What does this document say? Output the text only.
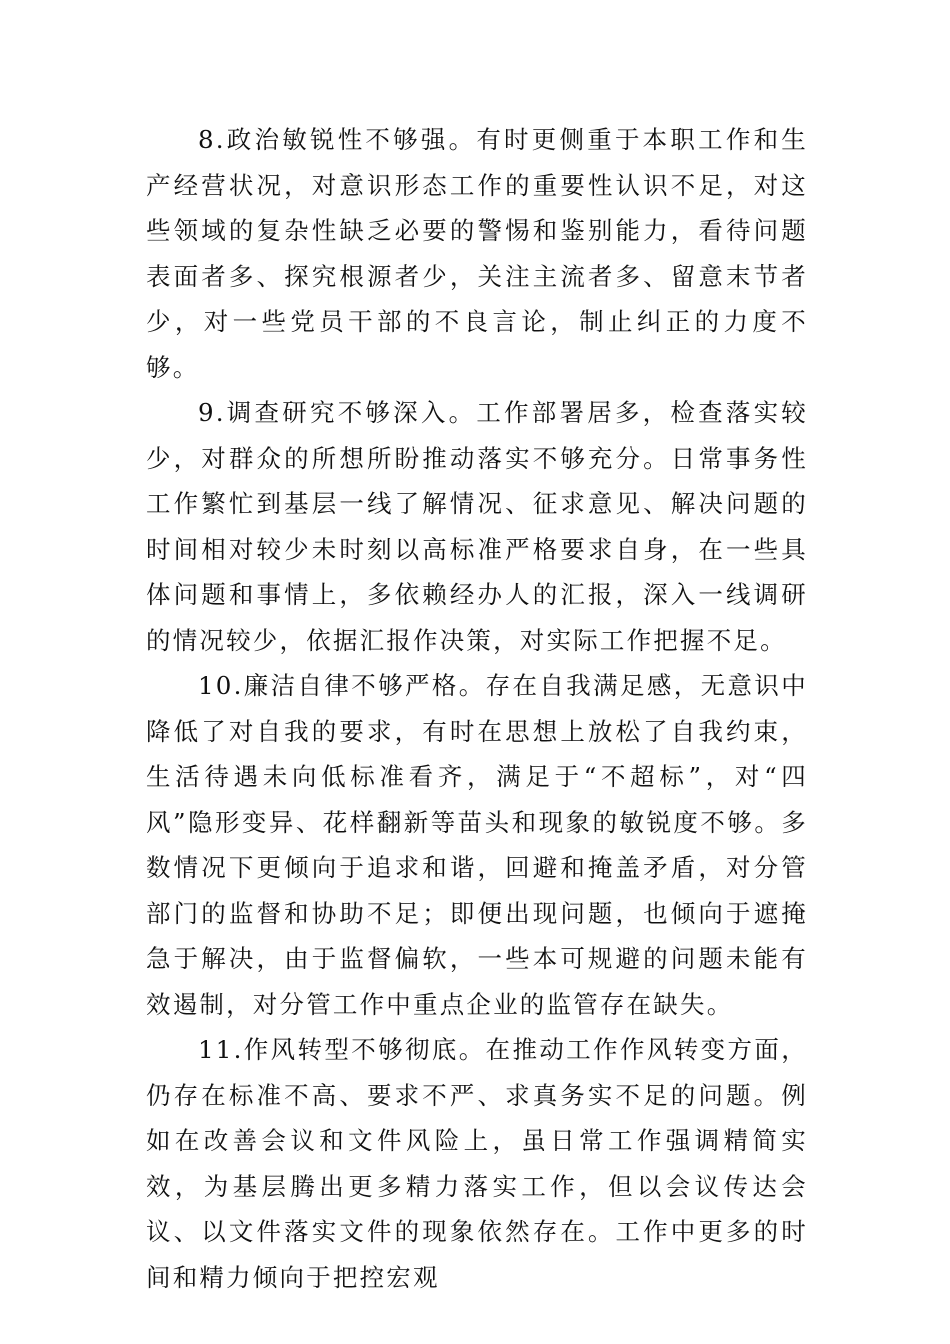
8.政治敏锐性不够强。有时更侧重于本职工作和生产经营状况，对意识形态工作的重要性认识不足，对这些领域的复杂性缺乏必要的警惕和鉴别能力，看待问题表面者多、探究根源者少，关注主流者多、留意末节者少，对一些党员干部的不良言论，制止纠正的力度不够。

9.调查研究不够深入。工作部署居多，检查落实较少，对群众的所想所盼推动落实不够充分。日常事务性工作繁忙到基层一线了解情况、征求意见、解决问题的时间相对较少未时刻以高标准严格要求自身，在一些具体问题和事情上，多依赖经办人的汇报，深入一线调研的情况较少，依据汇报作决策，对实际工作把握不足。

10.廉洁自律不够严格。存在自我满足感，无意识中降低了对自我的要求，有时在思想上放松了自我约束，生活待遇未向低标准看齐，满足于“不超标”，对“四风”隐形变异、花样翻新等苗头和现象的敏锐度不够。多数情况下更倾向于追求和谐，回避和掩盖矛盾，对分管部门的监督和协助不足；即便出现问题，也倾向于遮掩急于解决，由于监督偏软，一些本可规避的问题未能有效遏制，对分管工作中重点企业的监管存在缺失。

11.作风转型不够彻底。在推动工作作风转变方面，仍存在标准不高、要求不严、求真务实不足的问题。例如在改善会议和文件风险上，虽日常工作强调精简实效，为基层腾出更多精力落实工作，但以会议传达会议、以文件落实文件的现象依然存在。工作中更多的时间和精力倾向于把控宏观
